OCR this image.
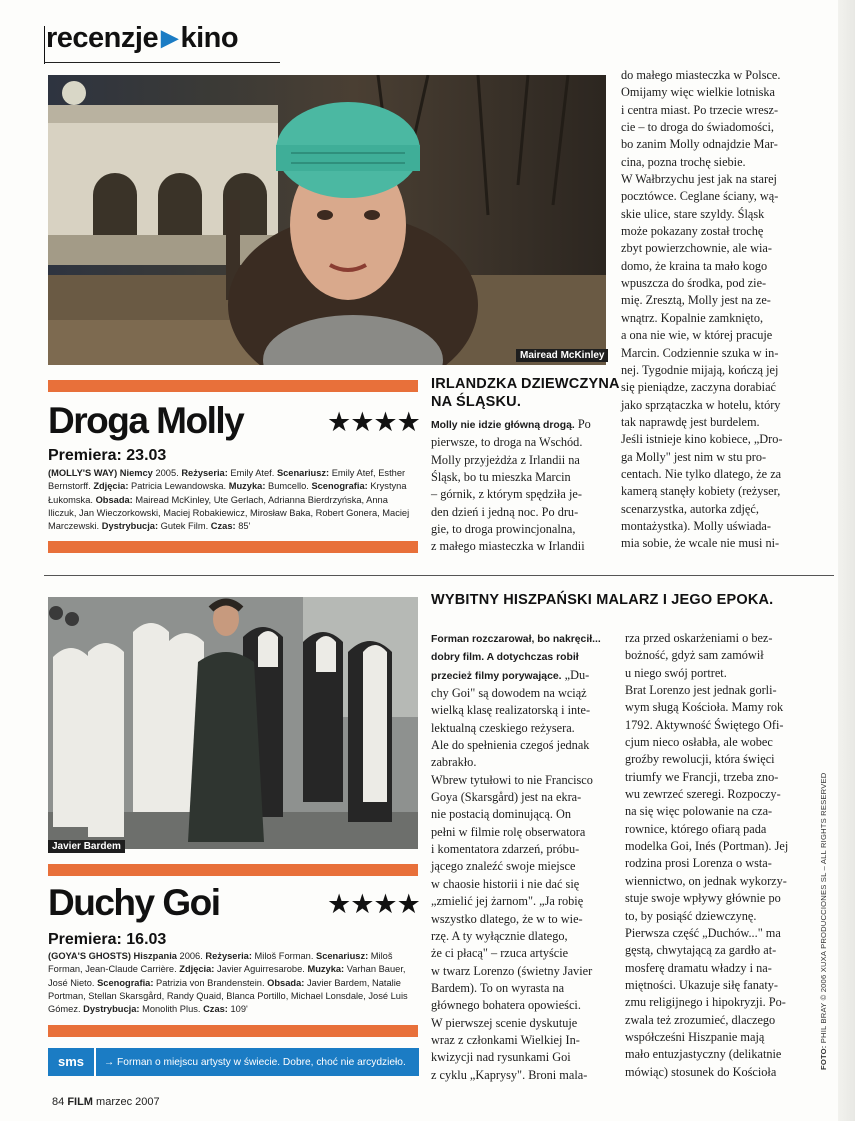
recenzje ▶ kino
Mairead McKinley
Droga Molly	★★★★
Premiera: 23.03
(MOLLY'S WAY) Niemcy 2005. Reżyseria: Emily Atef. Scenariusz: Emily Atef, Esther Bernstorff. Zdjęcia: Patricia Lewandowska. Muzyka: Bumcello. Scenografia: Krystyna Łukomska. Obsada: Mairead McKinley, Ute Gerlach, Adrianna Bierdrzyńska, Anna Iliczuk, Jan Wieczorkowski, Maciej Robakiewicz, Mirosław Baka, Robert Gonera, Maciej Marczewski. Dystrybucja: Gutek Film. Czas: 85'
IRLANDZKA DZIEWCZYNA
NA ŚLĄSKU.

Molly nie idzie główną drogą. Po

pierwsze, to droga na Wschód.

Molly przyjeżdża z Irlandii na

Śląsk, bo tu mieszka Marcin

– górnik, z którym spędziła je-

den dzień i jedną noc. Po dru-

gie, to droga prowincjonalna,

z małego miasteczka w Irlandii

do małego miasteczka w Polsce.

Omijamy więc wielkie lotniska

i centra miast. Po trzecie wresz-

cie – to droga do świadomości,

bo zanim Molly odnajdzie Mar-

cina, pozna trochę siebie.

W Wałbrzychu jest jak na starej

pocztówce. Ceglane ściany, wą-

skie ulice, stare szyldy. Śląsk

może pokazany został trochę

zbyt powierzchownie, ale wia-

domo, że kraina ta mało kogo

wpuszcza do środka, pod zie-

mię. Zresztą, Molly jest na ze-

wnątrz. Kopalnie zamknięto,

a ona nie wie, w której pracuje

Marcin. Codziennie szuka w in-

nej. Tygodnie mijają, kończą jej

się pieniądze, zaczyna dorabiać

jako sprzątaczka w hotelu, który

tak naprawdę jest burdelem.

Jeśli istnieje kino kobiece, „Dro-

ga Molly" jest nim w stu pro-

centach. Nie tylko dlatego, że za

kamerą stanęły kobiety (reżyser,

scenarzystka, autorka zdjęć,

montażystka). Molly uświada-

mia sobie, że wcale nie musi ni-

WYBITNY HISZPAŃSKI MALARZ I JEGO EPOKA.
Javier Bardem
Duchy Goi	★★★★
Premiera: 16.03
(GOYA'S GHOSTS) Hiszpania 2006. Reżyseria: Miloš Forman. Scenariusz: Miloš Forman, Jean-Claude Carrière. Zdjęcia: Javier Aguirresarobe. Muzyka: Varhan Bauer, José Nieto. Scenografia: Patrizia von Brandenstein. Obsada: Javier Bardem, Natalie Portman, Stellan Skarsgård, Randy Quaid, Blanca Portillo, Michael Lonsdale, José Luis Gómez. Dystrybucja: Monolith Plus. Czas: 109'
sms	→ Forman o miejscu artysty w świecie. Dobre, choć nie arcydzieło.

Forman rozczarował, bo nakręcił...

dobry film. A dotychczas robił

przecież filmy porywające. „Du-

chy Goi" są dowodem na wciąż

wielką klasę realizatorską i inte-

lektualną czeskiego reżysera.

Ale do spełnienia czegoś jednak

zabrakło.

Wbrew tytułowi to nie Francisco

Goya (Skarsgård) jest na ekra-

nie postacią dominującą. On

pełni w filmie rolę obserwatora

i komentatora zdarzeń, próbu-

jącego znaleźć swoje miejsce

w chaosie historii i nie dać się

„zmielić jej żarnom". „Ja robię

wszystko dlatego, że w to wie-

rzę. A ty wyłącznie dlatego,

że ci płacą" – rzuca artyście

w twarz Lorenzo (świetny Javier

Bardem). To on wyrasta na

głównego bohatera opowieści.

W pierwszej scenie dyskutuje

wraz z członkami Wielkiej In-

kwizycji nad rysunkami Goi

z cyklu „Kaprysy". Broni mala-

rza przed oskarżeniami o bez-

bożność, gdyż sam zamówił

u niego swój portret.

Brat Lorenzo jest jednak gorli-

wym sługą Kościoła. Mamy rok

1792. Aktywność Świętego Ofi-

cjum nieco osłabła, ale wobec

groźby rewolucji, która święci

triumfy we Francji, trzeba zno-

wu zewrzeć szeregi. Rozpoczy-

na się więc polowanie na cza-

rownice, którego ofiarą pada

modelka Goi, Inés (Portman). Jej

rodzina prosi Lorenza o wsta-

wiennictwo, on jednak wykorzy-

stuje swoje wpływy głównie po

to, by posiąść dziewczynę.

Pierwsza część „Duchów..." ma

gęstą, chwytającą za gardło at-

mosferę dramatu władzy i na-

miętności. Ukazuje siłę fanaty-

zmu religijnego i hipokryzji. Po-

zwala też zrozumieć, dlaczego

współcześni Hiszpanie mają

mało entuzjastyczny (delikatnie

mówiąc) stosunek do Kościoła

84 FILM marzec 2007
FOTO: PHIL BRAY © 2006 XUXA PRODUCCIONES SL – ALL RIGHTS RESERVED
